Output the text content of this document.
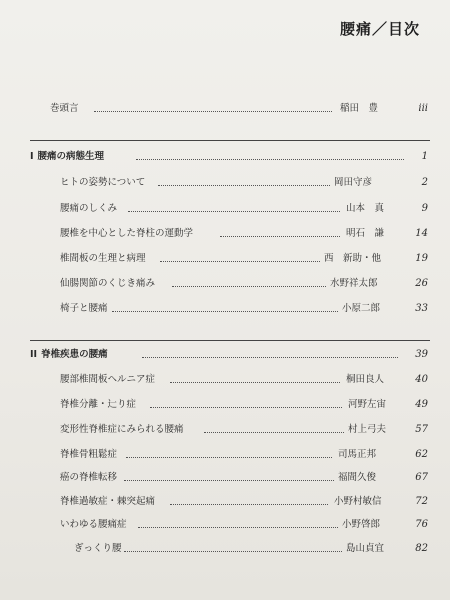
腰痛／目次
巻頭言	稲田　豊	iii
I 腰痛の病態生理	1
ヒトの姿勢について	岡田守彦	2
腰痛のしくみ	山本　真	9
腰椎を中心とした脊柱の運動学	明石　謙	14
椎間板の生理と病理	西　新助・他	19
仙腸関節のくじき痛み	水野祥太郎	26
椅子と腰痛	小原二郎	33
II 脊椎疾患の腰痛	39
腰部椎間板ヘルニア症	桐田良人	40
脊椎分離・辷り症	河野左宙	49
変形性脊椎症にみられる腰痛	村上弓夫	57
脊椎骨粗鬆症	司馬正邦	62
癌の脊椎転移	福間久俊	67
脊椎過敏症・棘突起痛	小野村敏信	72
いわゆる腰痛症	小野啓郎	76
ぎっくり腰	島山貞宜	82
